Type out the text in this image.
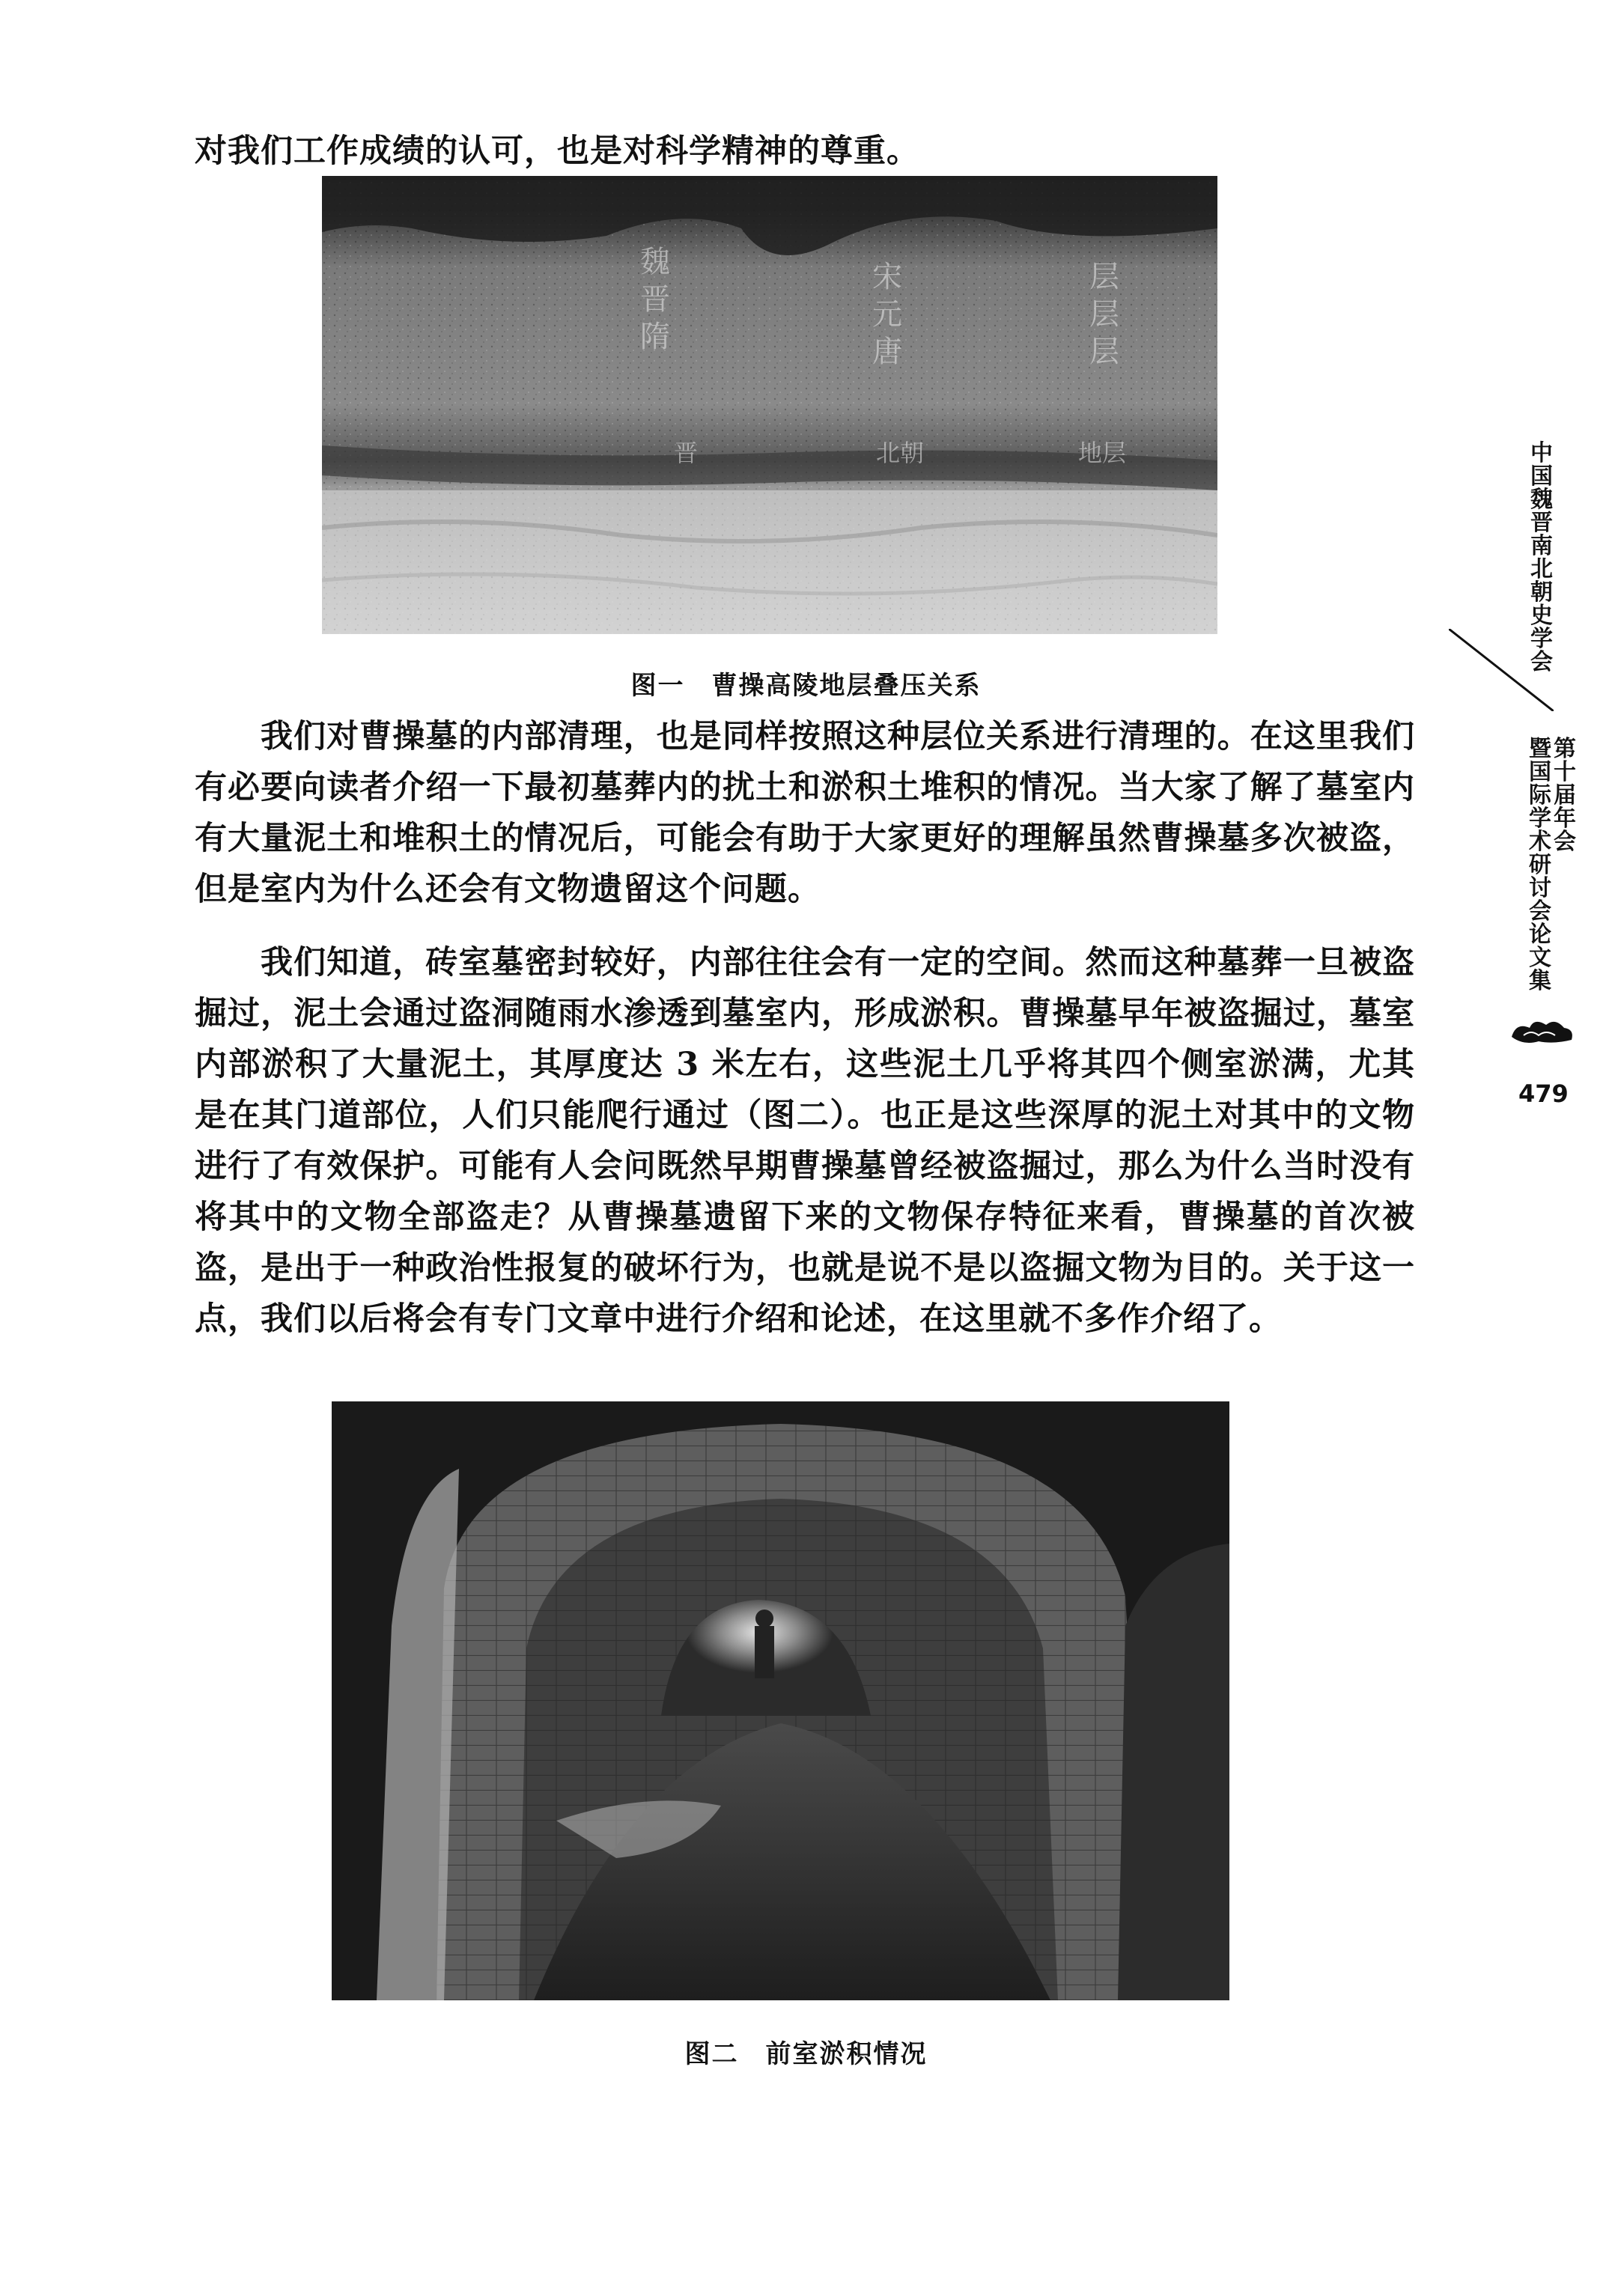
对我们工作成绩的认可，也是对科学精神的尊重。

魏晋隋
宋元唐
层层层
晋	北朝	地层
图一　曹操高陵地层叠压关系

我们对曹操墓的内部清理，也是同样按照这种层位关系进行清理的。在这里我们有必要向读者介绍一下最初墓葬内的扰土和淤积土堆积的情况。当大家了解了墓室内有大量泥土和堆积土的情况后，可能会有助于大家更好的理解虽然曹操墓多次被盗，但是室内为什么还会有文物遗留这个问题。

我们知道，砖室墓密封较好，内部往往会有一定的空间。然而这种墓葬一旦被盗掘过，泥土会通过盗洞随雨水渗透到墓室内，形成淤积。曹操墓早年被盗掘过，墓室内部淤积了大量泥土，其厚度达 3 米左右，这些泥土几乎将其四个侧室淤满，尤其是在其门道部位，人们只能爬行通过（图二）。也正是这些深厚的泥土对其中的文物进行了有效保护。可能有人会问既然早期曹操墓曾经被盗掘过，那么为什么当时没有将其中的文物全部盗走？从曹操墓遗留下来的文物保存特征来看，曹操墓的首次被盗，是出于一种政治性报复的破坏行为，也就是说不是以盗掘文物为目的。关于这一点，我们以后将会有专门文章中进行介绍和论述，在这里就不多作介绍了。

图二　前室淤积情况
中国魏晋南北朝史学会
第十届年会
暨国际学术研讨会论文集
479
